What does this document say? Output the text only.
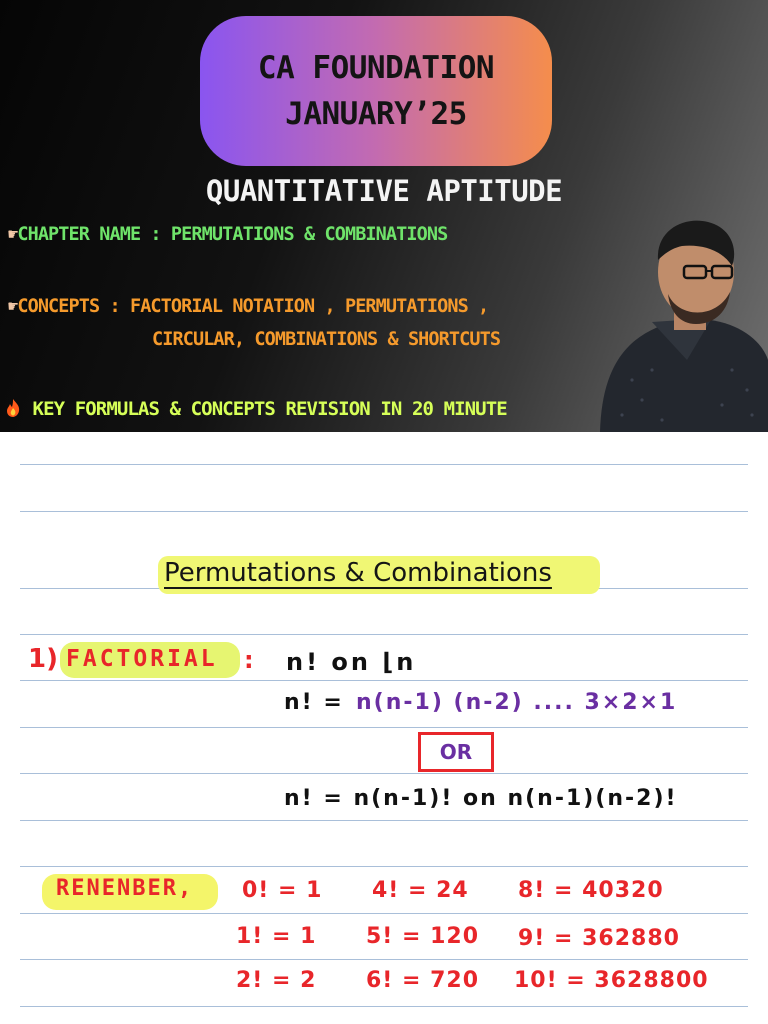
CA FOUNDATION
JANUARY’25
QUANTITATIVE APTITUDE
☛CHAPTER NAME : PERMUTATIONS & COMBINATIONS
☛CONCEPTS : FACTORIAL NOTATION , PERMUTATIONS ,
CIRCULAR, COMBINATIONS & SHORTCUTS
KEY FORMULAS & CONCEPTS REVISION IN 20 MINUTE
Permutations & Combinations
1) FACTORIAL : n! on ⌊n
n! = n(n-1) (n-2) .... 3×2×1
OR
n! = n(n-1)! on n(n-1)(n-2)!
RENENBER, 0! = 1 4! = 24 8! = 40320
1! = 1 5! = 120 9! = 362880
2! = 2 6! = 720 10! = 3628800
